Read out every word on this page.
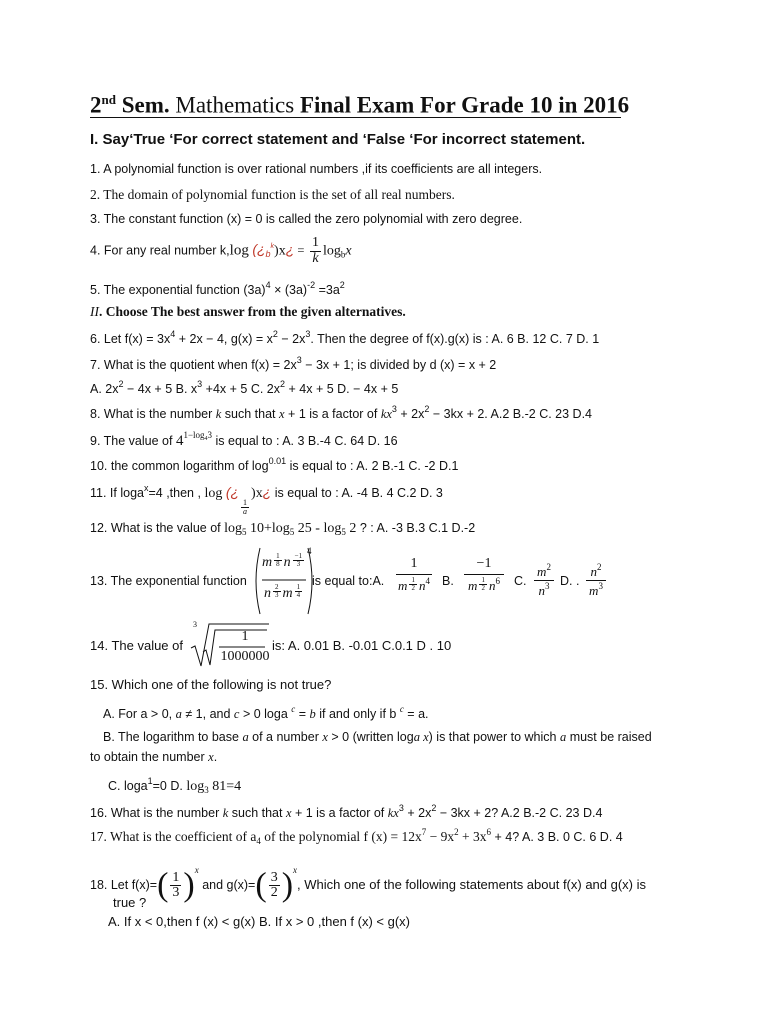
2nd Sem. Mathematics Final Exam For Grade 10 in 2016
I. Say‘True ‘For correct statement and ‘False ‘For incorrect statement.
1. A polynomial function is over rational numbers ,if its coefficients are all integers.
2. The domain of polynomial function is the set of all real numbers.
3. The constant function (x) = 0 is called the zero polynomial with zero degree.
4. For any real number k,log $(¿_b^k)x¿ = \frac{1}{k} \log_bx$
5. The exponential function $(3a)^4 \times (3a)^{-2} =3a^2$
II. Choose The best answer from the given alternatives.
6. Let $f(x) = 3x^4 + 2x - 4$, $g(x) = x^2 - 2x^3$. Then the degree of f(x).g(x) is : A. 6 B. 12 C. 7 D. 1
7. What is the quotient when $f(x) = 2x^3 - 3x + 1$; is divided by d (x) = x + 2
A. $2x^2 - 4x + 5$ B. $x^3 +4x + 5$ C. $2x^2 + 4x + 5$ D. − 4x + 5
8. What is the number k such that x + 1 is a factor of $kx^3 + 2x^2 - 3kx + 2$. A.2 B.-2 C. 23 D.4
9. The value of $4^{1-log_43}$ is equal to : A. 3 B.-4 C. 64 D. 16
10. the common logarithm of $\log^{0.01}$ is equal to : A. 2 B.-1 C. -2 D.1
11. If loga$^x$=4 ,then , log (¿
$\frac{1}{a}$
)x¿ is equal to : A. -4 B. 4 C.2 D. 3
12. What is the value of $\log_5 10+\log_5$ $25 - \log_5 2$ ? : A. -3 B.3 C.1 D.-2
13. The exponential function
m $\frac{1}{8}$ n $\frac{-1}{3}$
n $\frac{2}{3}$ m $\frac{1}{4}$
4
is equal to:A.
1
m $\frac{1}{2} n^4$ B.
−1
m $\frac{1}{2} n^6$	C.
$m^2$
$n^3$ D. .
$n^2$
$m^3$
14. The value of
3
1
1000000
is: A. 0.01 B. -0.01 C.0.1 D . 10
15. Which one of the following is not true?
A. For a > 0, a ≠ 1, and c > 0 loga $^c$ = b if and only if b $^c$ = a.
B. The logarithm to base a of a number x > 0 (written loga x) is that power to which a must be raised
to obtain the number x.
C. loga$^1$=0 D. $\log_3 81=4$
16. What is the number k such that x + 1 is a factor of $kx^3 + 2x^2 - 3kx + 2$? A.2 B.-2 C. 23 D.4
17. What is the coefficient of $a_4$ of the polynomial f $(x) = 12x^7 - 9x^2 + 3x^6 + 4$? A. 3 B. 0 C. 6 D. 4
18. Let $f(x)=( \frac{1}{3} )^x$ and $g(x)=( \frac{3}{2} )^x$, Which one of the following statements about f(x) and g(x) is
true ?
A. If x < 0,then f (x) < g(x) B. If x > 0 ,then f (x) < g(x)
